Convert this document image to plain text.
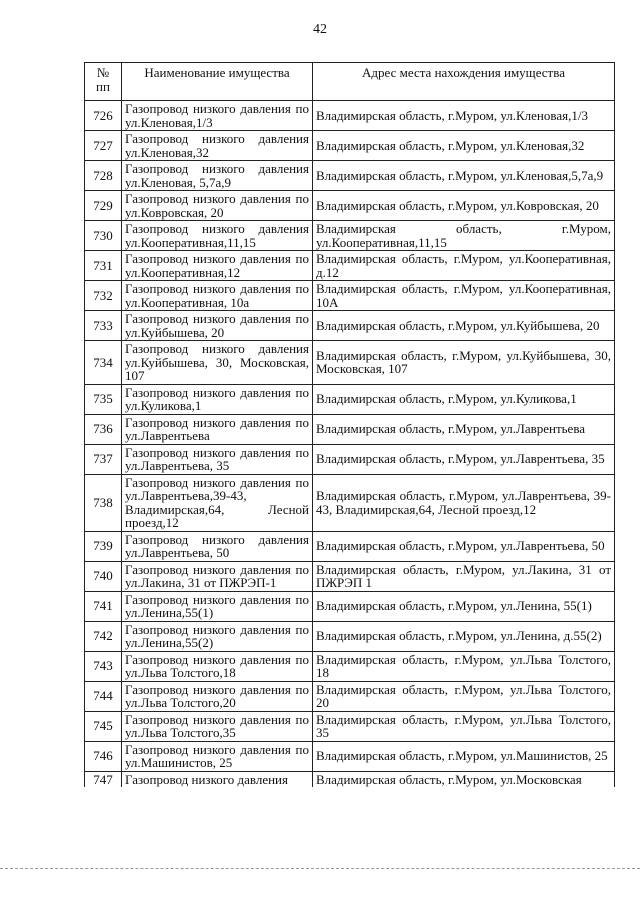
42
№
пп	Наименование имущества	Адрес места нахождения имущества
726	Газопровод низкого давления по ул.Кленовая,1/3	Владимирская область, г.Муром, ул.Кленовая,1/3
727	Газопровод низкого давления ул.Кленовая,32	Владимирская область, г.Муром, ул.Кленовая,32
728	Газопровод низкого давления ул.Кленовая, 5,7а,9	Владимирская область, г.Муром, ул.Кленовая,5,7а,9
729	Газопровод низкого давления по ул.Ковровская, 20	Владимирская область, г.Муром, ул.Ковровская, 20
730	Газопровод низкого давления ул.Кооперативная,11,15	Владимирская область, г.Муром, ул.Кооперативная,11,15
731	Газопровод низкого давления по ул.Кооперативная,12	Владимирская область, г.Муром, ул.Кооперативная, д.12
732	Газопровод низкого давления по ул.Кооперативная, 10а	Владимирская область, г.Муром, ул.Кооперативная, 10А
733	Газопровод низкого давления по ул.Куйбышева, 20	Владимирская область, г.Муром, ул.Куйбышева, 20
734	Газопровод низкого давления ул.Куйбышева, 30, Московская, 107	Владимирская область, г.Муром, ул.Куйбышева, 30, Московская, 107
735	Газопровод низкого давления по ул.Куликова,1	Владимирская область, г.Муром, ул.Куликова,1
736	Газопровод низкого давления по ул.Лаврентьева	Владимирская область, г.Муром, ул.Лаврентьева
737	Газопровод низкого давления по ул.Лаврентьева, 35	Владимирская область, г.Муром, ул.Лаврентьева, 35
738	Газопровод низкого давления по ул.Лаврентьева,39-43, Владимирская,64, Лесной проезд,12	Владимирская область, г.Муром, ул.Лаврентьева, 39-43, Владимирская,64, Лесной проезд,12
739	Газопровод низкого давления ул.Лаврентьева, 50	Владимирская область, г.Муром, ул.Лаврентьева, 50
740	Газопровод низкого давления по ул.Лакина, 31 от ПЖРЭП-1	Владимирская область, г.Муром, ул.Лакина, 31 от ПЖРЭП 1
741	Газопровод низкого давления по ул.Ленина,55(1)	Владимирская область, г.Муром, ул.Ленина, 55(1)
742	Газопровод низкого давления по ул.Ленина,55(2)	Владимирская область, г.Муром, ул.Ленина, д.55(2)
743	Газопровод низкого давления по ул.Льва Толстого,18	Владимирская область, г.Муром, ул.Льва Толстого, 18
744	Газопровод низкого давления по ул.Льва Толстого,20	Владимирская область, г.Муром, ул.Льва Толстого, 20
745	Газопровод низкого давления по ул.Льва Толстого,35	Владимирская область, г.Муром, ул.Льва Толстого, 35
746	Газопровод низкого давления по ул.Машинистов, 25	Владимирская область, г.Муром, ул.Машинистов, 25
747	Газопровод низкого давления	Владимирская область, г.Муром, ул.Московская
